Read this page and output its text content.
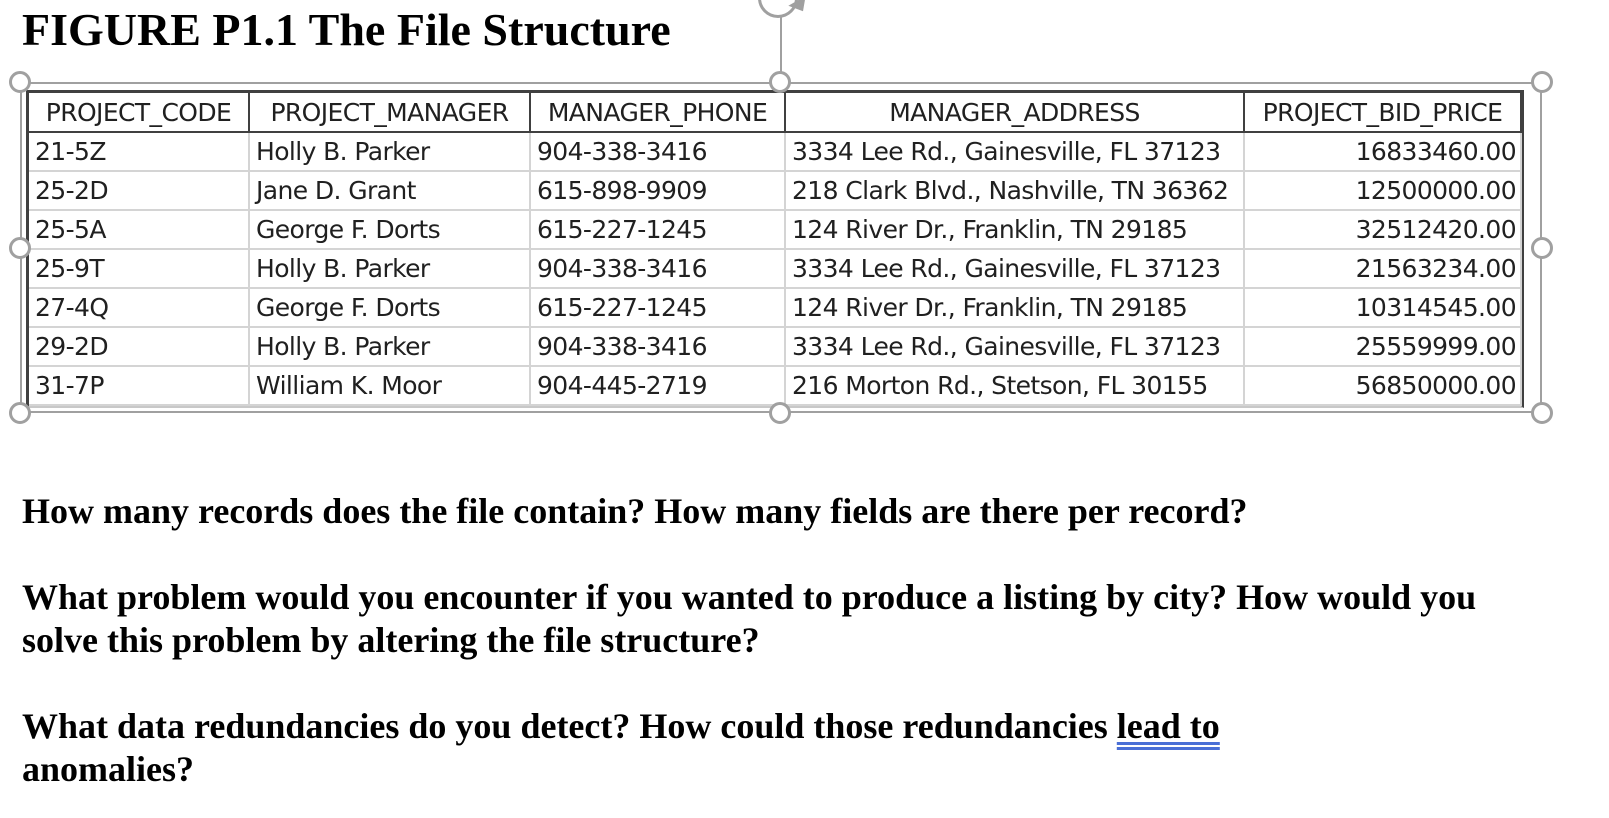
FIGURE P1.1 The File Structure
PROJECT_CODE	PROJECT_MANAGER	MANAGER_PHONE	MANAGER_ADDRESS	PROJECT_BID_PRICE
21-5Z	Holly B. Parker	904-338-3416	3334 Lee Rd., Gainesville, FL 37123	16833460.00
25-2D	Jane D. Grant	615-898-9909	218 Clark Blvd., Nashville, TN 36362	12500000.00
25-5A	George F. Dorts	615-227-1245	124 River Dr., Franklin, TN 29185	32512420.00
25-9T	Holly B. Parker	904-338-3416	3334 Lee Rd., Gainesville, FL 37123	21563234.00
27-4Q	George F. Dorts	615-227-1245	124 River Dr., Franklin, TN 29185	10314545.00
29-2D	Holly B. Parker	904-338-3416	3334 Lee Rd., Gainesville, FL 37123	25559999.00
31-7P	William K. Moor	904-445-2719	216 Morton Rd., Stetson, FL 30155	56850000.00
How many records does the file contain? How many fields are there per record?
What problem would you encounter if you wanted to produce a listing by city? How would you
solve this problem by altering the file structure?
What data redundancies do you detect? How could those redundancies lead to
anomalies?
